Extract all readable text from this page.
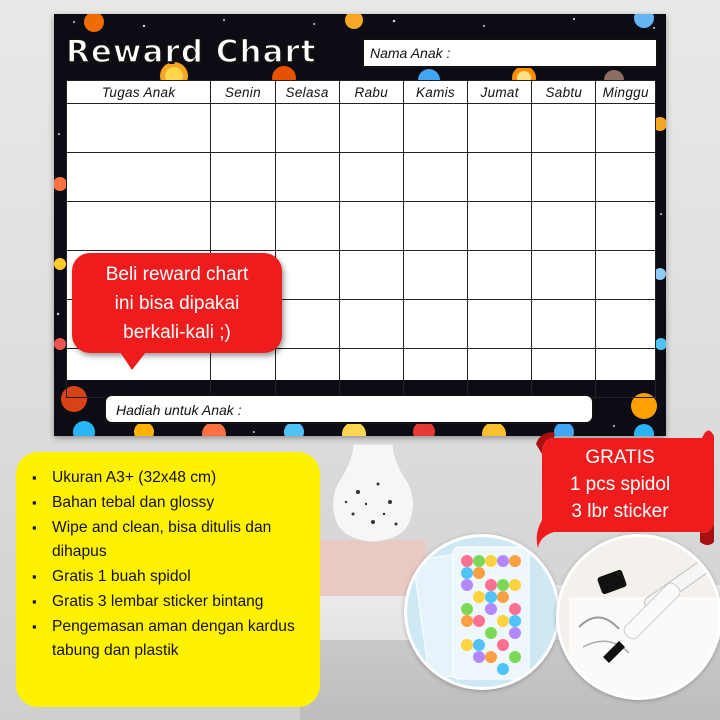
Reward Chart	Nama Anak :
Tugas Anak	Senin	Selasa	Rabu	Kamis	Jumat	Sabtu	Minggu

Hadiah untuk Anak :
Beli reward chart
ini bisa dipakai
berkali-kali ;)
▪ Ukuran A3+ (32x48 cm)
▪ Bahan tebal dan glossy
▪ Wipe and clean, bisa ditulis dan dihapus
▪ Gratis 1 buah spidol
▪ Gratis 3 lembar sticker bintang
▪ Pengemasan aman dengan kardus tabung dan plastik
GRATIS
1 pcs spidol
3 lbr sticker
